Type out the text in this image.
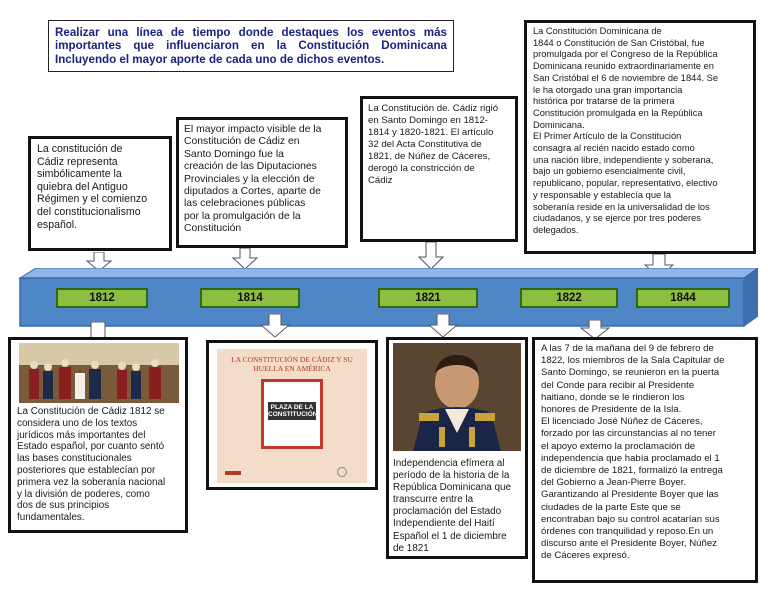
Realizar una línea de tiempo donde destaques los eventos más importantes que influenciaron en la Constitución Dominicana Incluyendo el mayor aporte de cada uno de dichos eventos.

La constitución de
Cádiz representa
simbólicamente la
quiebra del Antiguo
Régimen y el comienzo
del constitucionalismo
español.

El mayor impacto visible de la
Constitución de Cádiz en
Santo Domingo fue la
creación de las Diputaciones
Provinciales y la elección de
diputados a Cortes, aparte de
las celebraciones públicas
por la promulgación de la
Constitución

La Constitución de. Cádiz rigió
en Santo Domingo en 1812-
1814 y 1820-1821. El artículo
32 del Acta Constitutiva de
1821, de Núñez de Cáceres,
derogó la constricción de
Cádiz

La Constitución Dominicana de
1844 o Constitución de San Cristóbal, fue
promulgada por el Congreso de la República
Dominicana reunido extraordinariamente en
San Cristóbal el 6 de noviembre de 1844. Se
le ha otorgado una gran importancia
histórica por tratarse de la primera
Constitución promulgada en la República
Dominicana.
El Primer Artículo de la Constitución
consagra al recién nacido estado como
una nación libre, independiente y soberana,
bajo un gobierno esencialmente civil,
republicano, popular, representativo, electivo
y responsable y establecía que la
soberanía reside en la universalidad de los
ciudadanos, y se ejerce por tres poderes
delegados.

1812	1814	1821	1822	1844

La Constitución de Cádiz 1812 se
considera uno de los textos
jurídicos más importantes del
Estado español, por cuanto sentó
las bases constitucionales
posteriores que establecían por
primera vez la soberanía nacional
y la división de poderes, como
dos de sus principios
fundamentales.

LA CONSTITUCIÓN DE CÁDIZ Y SU HUELLA EN AMÉRICA
PLAZA DE LA CONSTITUCIÓN

Independencia efímera al
período de la historia de la
República Dominicana que
transcurre entre la
proclamación del Estado
Independiente del Haití
Español el 1 de diciembre
de 1821

A las 7 de la mañana del 9 de febrero de
1822, los miembros de la Sala Capitular de
Santo Domingo, se reunieron en la puerta
del Conde para recibir al Presidente
haitiano, donde se le rindieron los
honores de Presidente de la Isla.
El licenciado José Núñez de Cáceres,
forzado por las circunstancias al no tener
el apoyo externo la proclamación de
independencia que había proclamado el 1
de diciembre de 1821, formalizó la entrega
del Gobierno a Jean-Pierre Boyer.
Garantizando al Presidente Boyer que las
ciudades de la parte Este que se
encontraban bajo su control acatarían sus
órdenes con tranquilidad y reposo.En un
discurso ante el Presidente Boyer, Núñez
de Cáceres expresó.
